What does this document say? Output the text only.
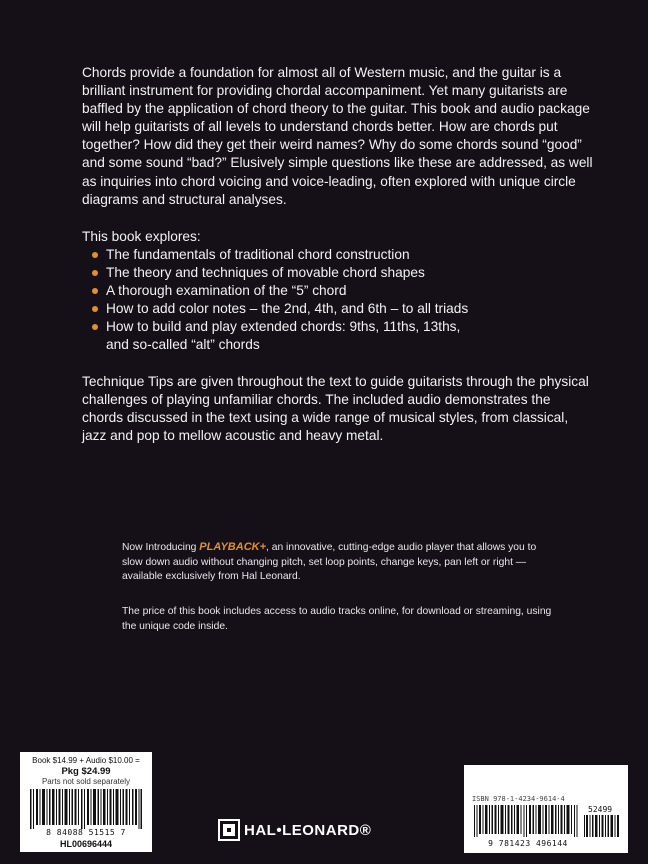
Chords provide a foundation for almost all of Western music, and the guitar is a brilliant instrument for providing chordal accompaniment. Yet many guitarists are baffled by the application of chord theory to the guitar. This book and audio package will help guitarists of all levels to understand chords better. How are chords put together? How did they get their weird names? Why do some chords sound “good” and some sound “bad?” Elusively simple questions like these are addressed, as well as inquiries into chord voicing and voice-leading, often explored with unique circle diagrams and structural analyses.

This book explores:

The fundamentals of traditional chord construction
The theory and techniques of movable chord shapes
A thorough examination of the “5” chord
How to add color notes – the 2nd, 4th, and 6th – to all triads
How to build and play extended chords: 9ths, 11ths, 13ths, and so-called “alt” chords

Technique Tips are given throughout the text to guide guitarists through the physical challenges of playing unfamiliar chords. The included audio demonstrates the chords discussed in the text using a wide range of musical styles, from classical, jazz and pop to mellow acoustic and heavy metal.

Now Introducing PLAYBACK+, an innovative, cutting-edge audio player that allows you to slow down audio without changing pitch, set loop points, change keys, pan left or right — available exclusively from Hal Leonard.

The price of this book includes access to audio tracks online, for download or streaming, using the unique code inside.

Book $14.99 + Audio $10.00 =
Pkg $24.99
Parts not sold separately
8 84088 51515 7
HL00696444
HAL•LEONARD®
ISBN 978-1-4234-9614-4
52499
9 781423 496144
